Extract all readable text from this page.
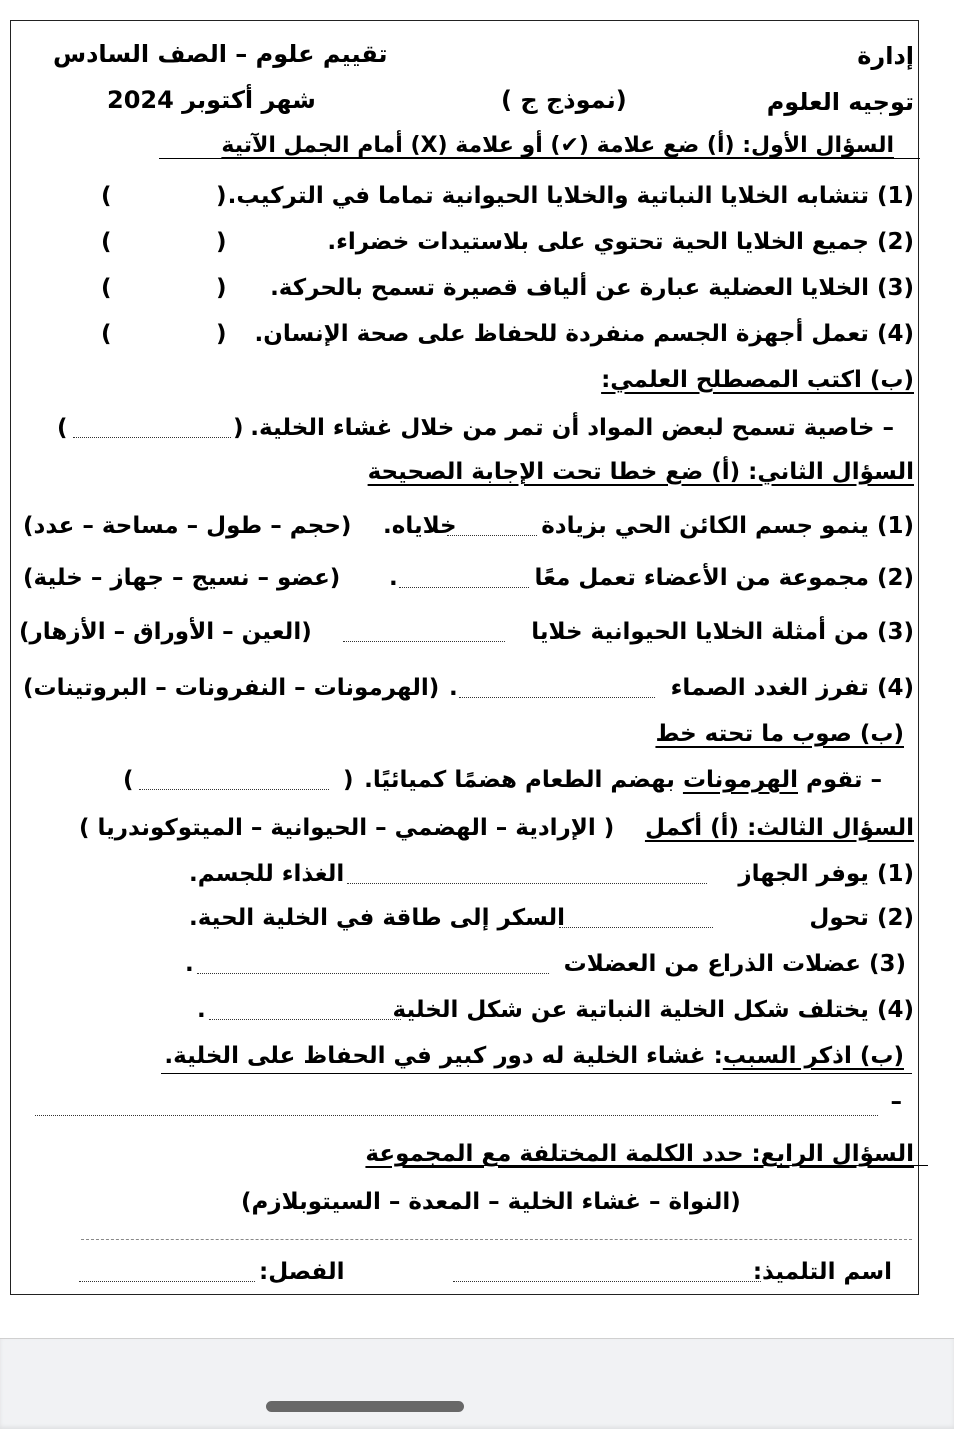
إدارة
تقييم علوم – الصف السادس
توجيه العلوم
(نموذج ج )
شهر أكتوبر 2024
السؤال الأول: (أ) ضع علامة (✔) أو علامة (X) أمام الجمل الآتية
(1) تتشابه الخلايا النباتية والخلايا الحيوانية تماما في التركيب.
(2) جميع الخلايا الحية تحتوي على بلاستيدات خضراء.
(3) الخلايا العضلية عبارة عن ألياف قصيرة تسمح بالحركة.
(4) تعمل أجهزة الجسم منفردة للحفاظ على صحة الإنسان.
(
)
(
)
(
)
(
)
(ب) اكتب المصطلح العلمي:
– خاصية تسمح لبعض المواد أن تمر من خلال غشاء الخلية.
(
)
السؤال الثاني: (أ) ضع خطا تحت الإجابة الصحيحة
(1) ينمو جسم الكائن الحي بزيادة
خلاياه.
(حجم – طول – مساحة – عدد)
(2) مجموعة من الأعضاء تعمل معًا
.
(عضو – نسيج – جهاز – خلية)
(3) من أمثلة الخلايا الحيوانية خلايا
(العين – الأوراق – الأزهار)
(4) تفرز الغدد الصماء
.
(الهرمونات – النفرونات – البروتينات)
(ب) صوب ما تحته خط
– تقوم الهرمونات بهضم الطعام هضمًا كميائيًا.
(
)
السؤال الثالث: (أ) أكمل
( الإرادية – الهضمي – الحيوانية – الميتوكوندريا )
(1) يوفر الجهاز
الغذاء للجسم.
(2) تحول
السكر إلى طاقة في الخلية الحية.
(3) عضلات الذراع من العضلات
.
(4) يختلف شكل الخلية النباتية عن شكل الخلية
.
(ب) اذكر السبب: غشاء الخلية له دور كبير في الحفاظ على الخلية.
–
السؤال الرابع: حدد الكلمة المختلفة مع المجموعة
(النواة – غشاء الخلية – المعدة – السيتوبلازم)
اسم التلميذ:
الفصل:
